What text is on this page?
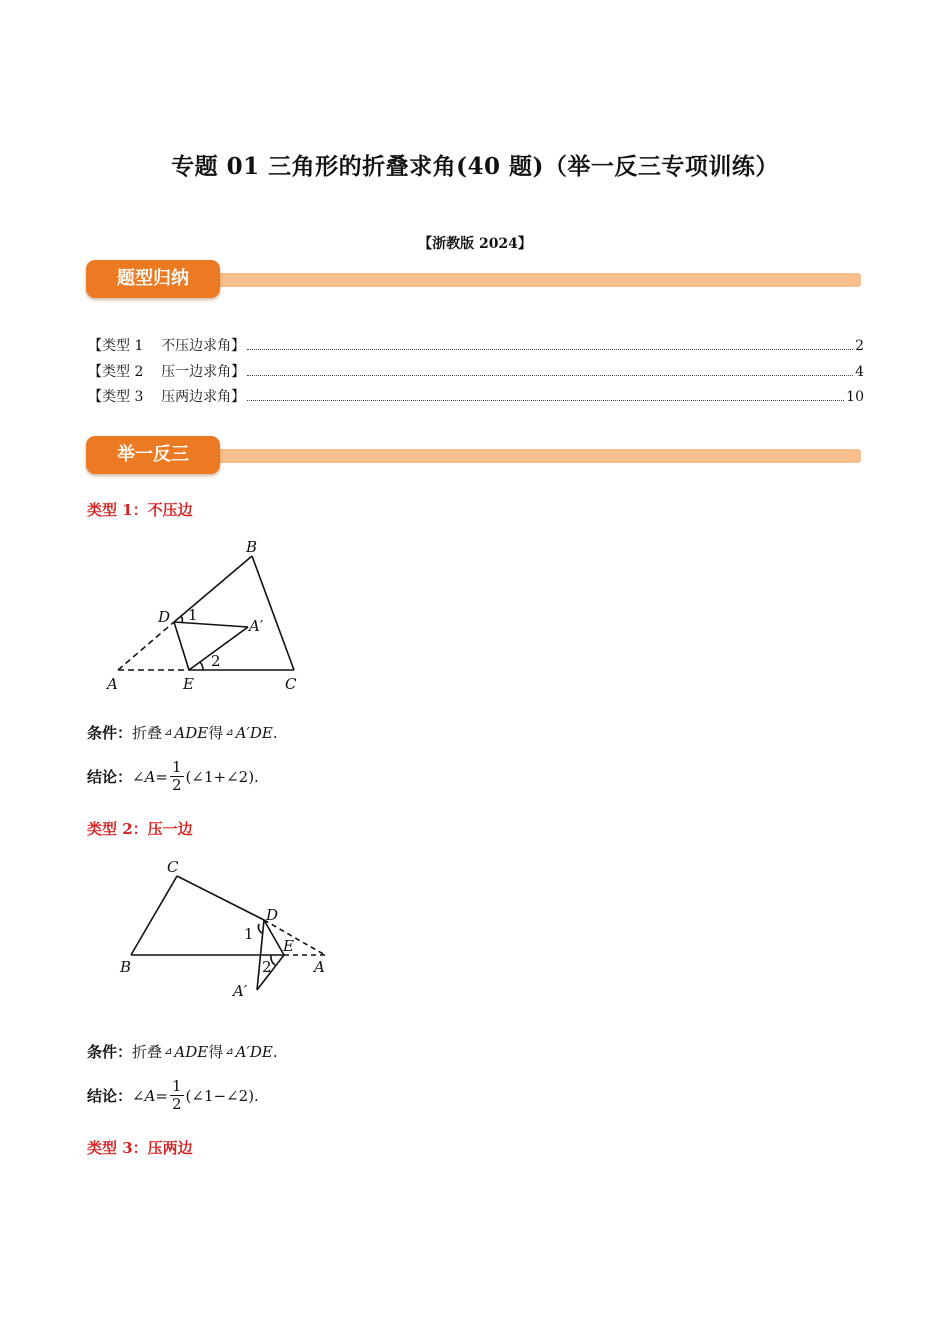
专题 01 三角形的折叠求角(40 题)（举一反三专项训练）
【浙教版 2024】
题型归纳
【类型 1    不压边求角】	2
【类型 2    压一边求角】	4
【类型 3    压两边求角】	10
举一反三
类型 1：不压边
B
D 1
A′
2
A	E	C
C
D
1
E
B	A
2
A′
条件： 折叠 ⊿ ADE 得 ⊿ A′DE .
结论： ∠A= $\frac{1}{2}$ (∠1+∠2).
类型 2：压一边
条件： 折叠 ⊿ ADE 得 ⊿ A′DE .
结论： ∠A= $\frac{1}{2}$ (∠1−∠2).
类型 3：压两边
